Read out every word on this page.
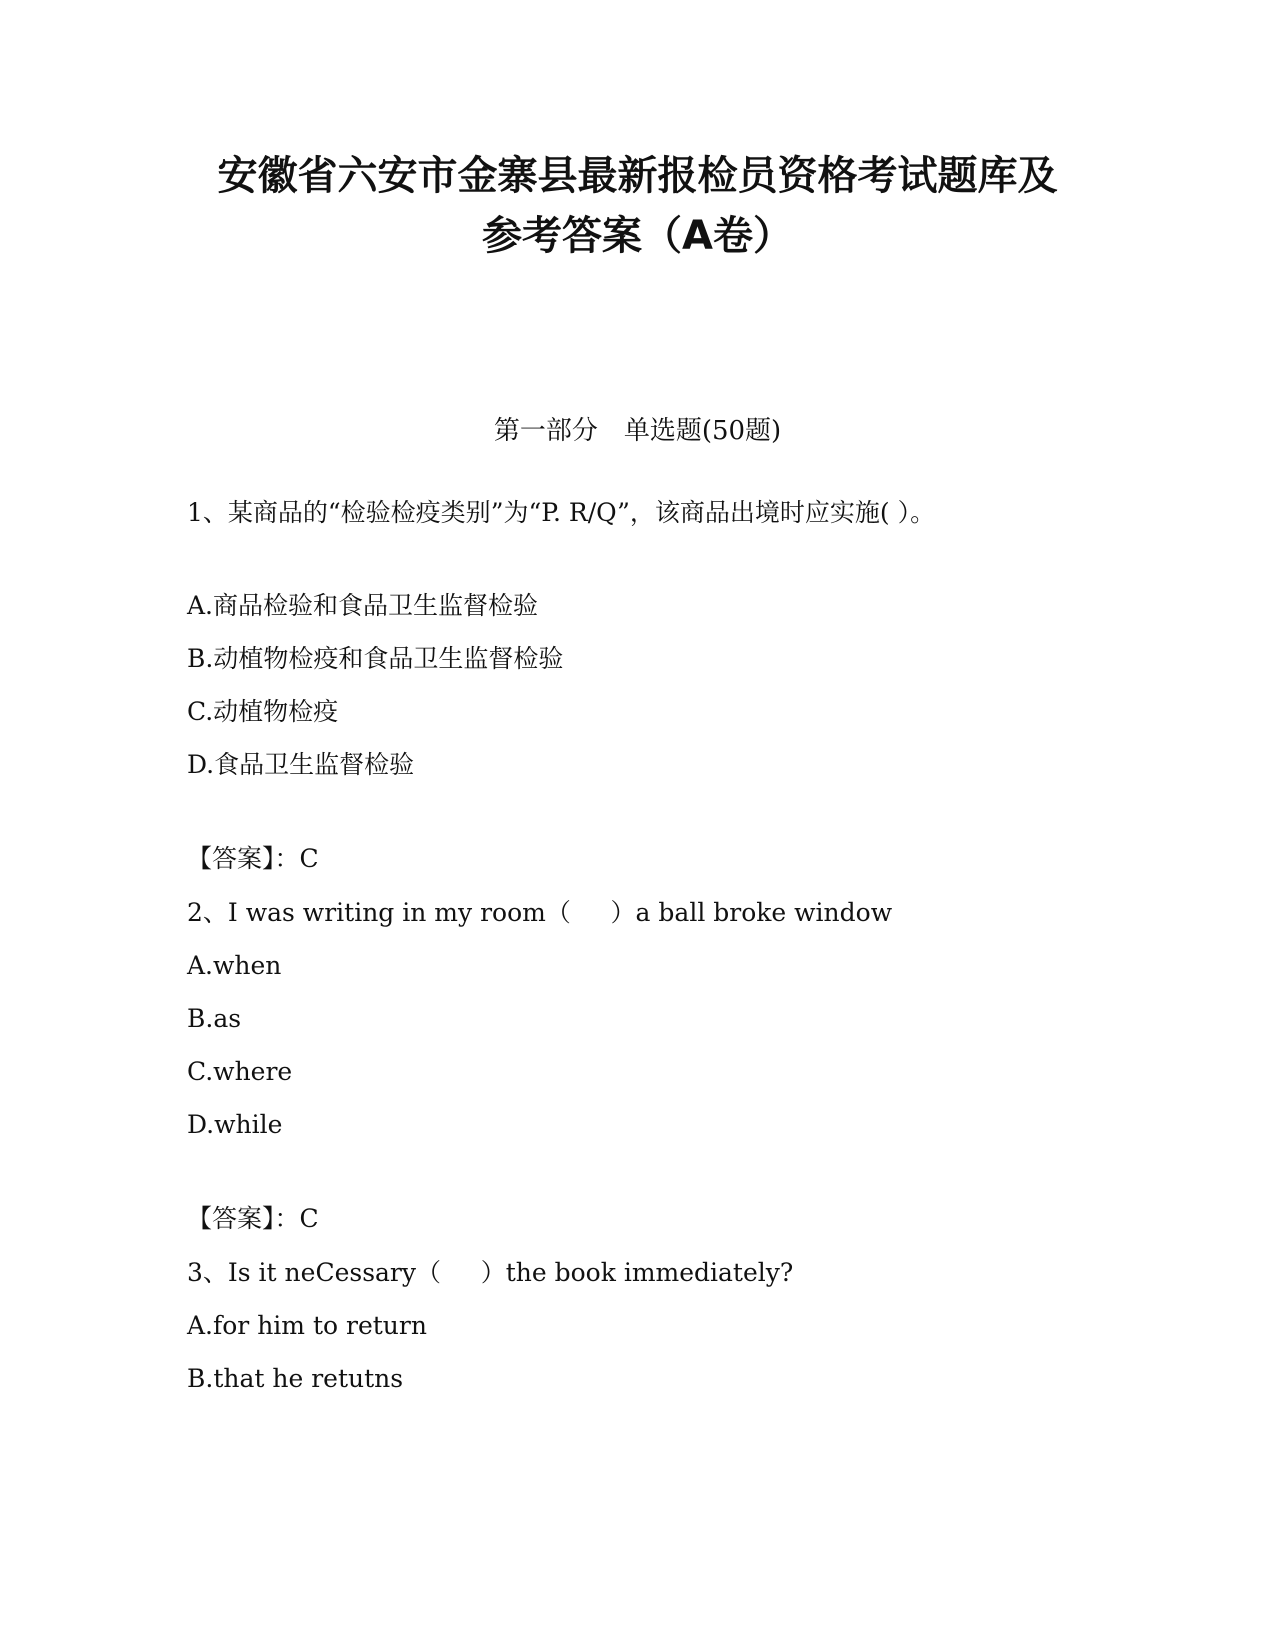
安徽省六安市金寨县最新报检员资格考试题库及
参考答案（A卷）
第一部分　单选题(50题)
1、某商品的“检验检疫类别”为“P. R/Q”，该商品出境时应实施( ）。
A.商品检验和食品卫生监督检验
B.动植物检疫和食品卫生监督检验
C.动植物检疫
D.食品卫生监督检验
【答案】：C
2、I was writing in my room（     ）a ball broke window
A.when
B.as
C.where
D.while
【答案】：C
3、Is it neCessary（     ）the book immediately?
A.for him to return
B.that he retutns
